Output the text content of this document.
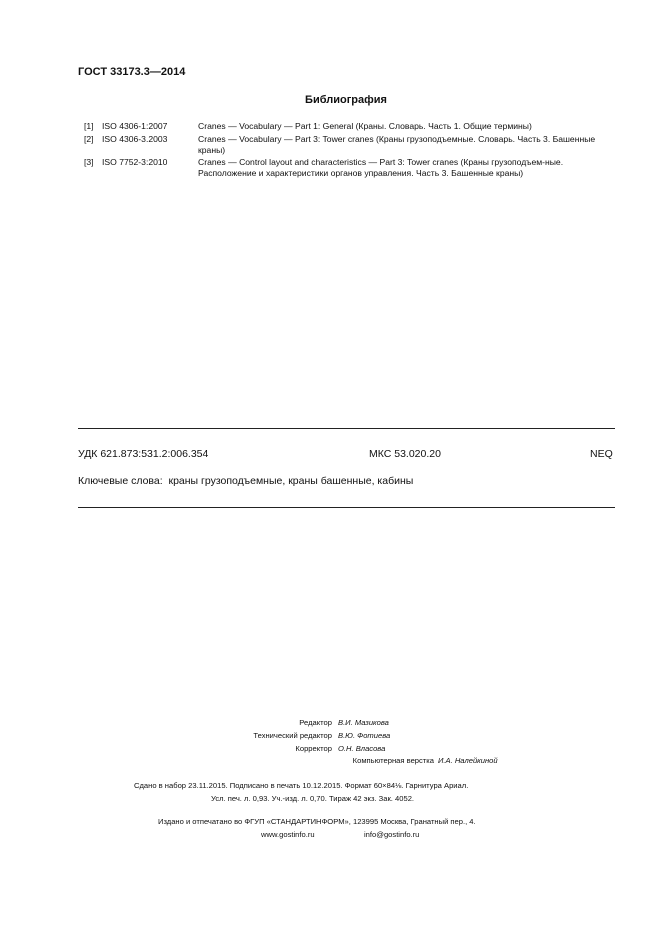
ГОСТ 33173.3—2014
Библиография
[1] ISO 4306-1:2007	Cranes — Vocabulary — Part 1: General (Краны. Словарь. Часть 1. Общие термины)
[2] ISO 4306-3.2003	Cranes — Vocabulary — Part 3: Tower cranes (Краны грузоподъемные. Словарь. Часть 3. Башенные краны)
[3] ISO 7752-3:2010	Cranes — Control layout and characteristics — Part 3: Tower cranes (Краны грузоподъем-ные. Расположение и характеристики органов управления. Часть 3. Башенные краны)
УДК 621.873:531.2:006.354	МКС 53.020.20	NEQ
Ключевые слова: краны грузоподъемные, краны башенные, кабины
Редактор В.И. Мазикова
Технический редактор В.Ю. Фотиева
Корректор О.Н. Власова
Компьютерная верстка И.А. Налейкиной
Сдано в набор 23.11.2015. Подписано в печать 10.12.2015. Формат 60×84⅛. Гарнитура Ариал.
Усл. печ. л. 0,93. Уч.-изд. л. 0,70. Тираж 42 экз. Зак. 4052.
Издано и отпечатано во ФГУП «СТАНДАРТИНФОРМ», 123995 Москва, Гранатный пер., 4.
www.gostinfo.ru	info@gostinfo.ru
